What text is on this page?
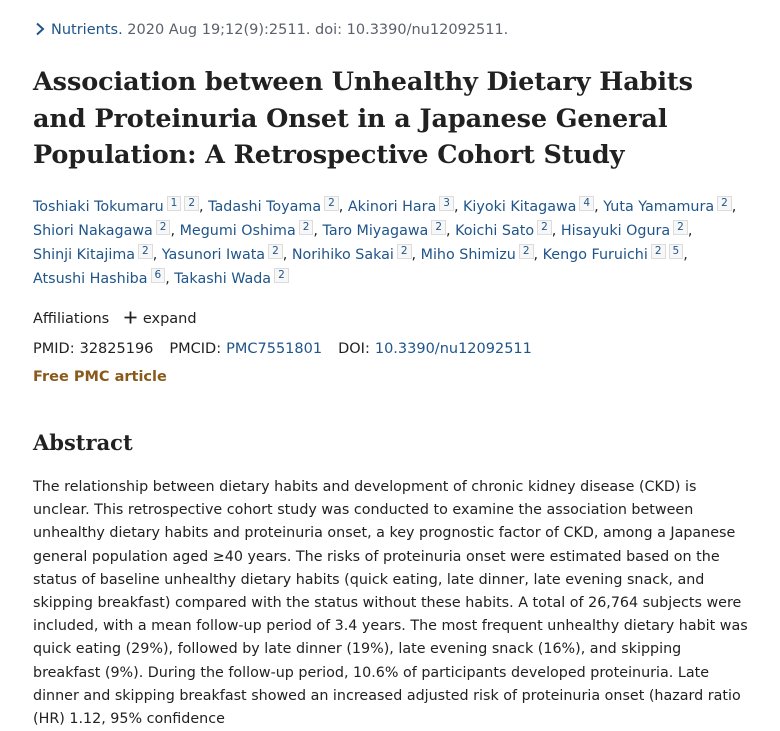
Nutrients. 2020 Aug 19;12(9):2511. doi: 10.3390/nu12092511.
Association between Unhealthy Dietary Habits and Proteinuria Onset in a Japanese General Population: A Retrospective Cohort Study
Toshiaki Tokumaru 1 2 , Tadashi Toyama 2 , Akinori Hara 3 , Kiyoki Kitagawa 4 , Yuta Yamamura 2 , Shiori Nakagawa 2 , Megumi Oshima 2 , Taro Miyagawa 2 , Koichi Sato 2 , Hisayuki Ogura 2 , Shinji Kitajima 2 , Yasunori Iwata 2 , Norihiko Sakai 2 , Miho Shimizu 2 , Kengo Furuichi 2 5 , Atsushi Hashiba 6 , Takashi Wada 2
Affiliations expand
PMID: 32825196 PMCID: PMC7551801 DOI: 10.3390/nu12092511
Free PMC article
Abstract

The relationship between dietary habits and development of chronic kidney disease (CKD) is unclear. This retrospective cohort study was conducted to examine the association between unhealthy dietary habits and proteinuria onset, a key prognostic factor of CKD, among a Japanese general population aged ≥40 years. The risks of proteinuria onset were estimated based on the status of baseline unhealthy dietary habits (quick eating, late dinner, late evening snack, and skipping breakfast) compared with the status without these habits. A total of 26,764 subjects were included, with a mean follow-up period of 3.4 years. The most frequent unhealthy dietary habit was quick eating (29%), followed by late dinner (19%), late evening snack (16%), and skipping breakfast (9%). During the follow-up period, 10.6% of participants developed proteinuria. Late dinner and skipping breakfast showed an increased adjusted risk of proteinuria onset (hazard ratio (HR) 1.12, 95% confidence
